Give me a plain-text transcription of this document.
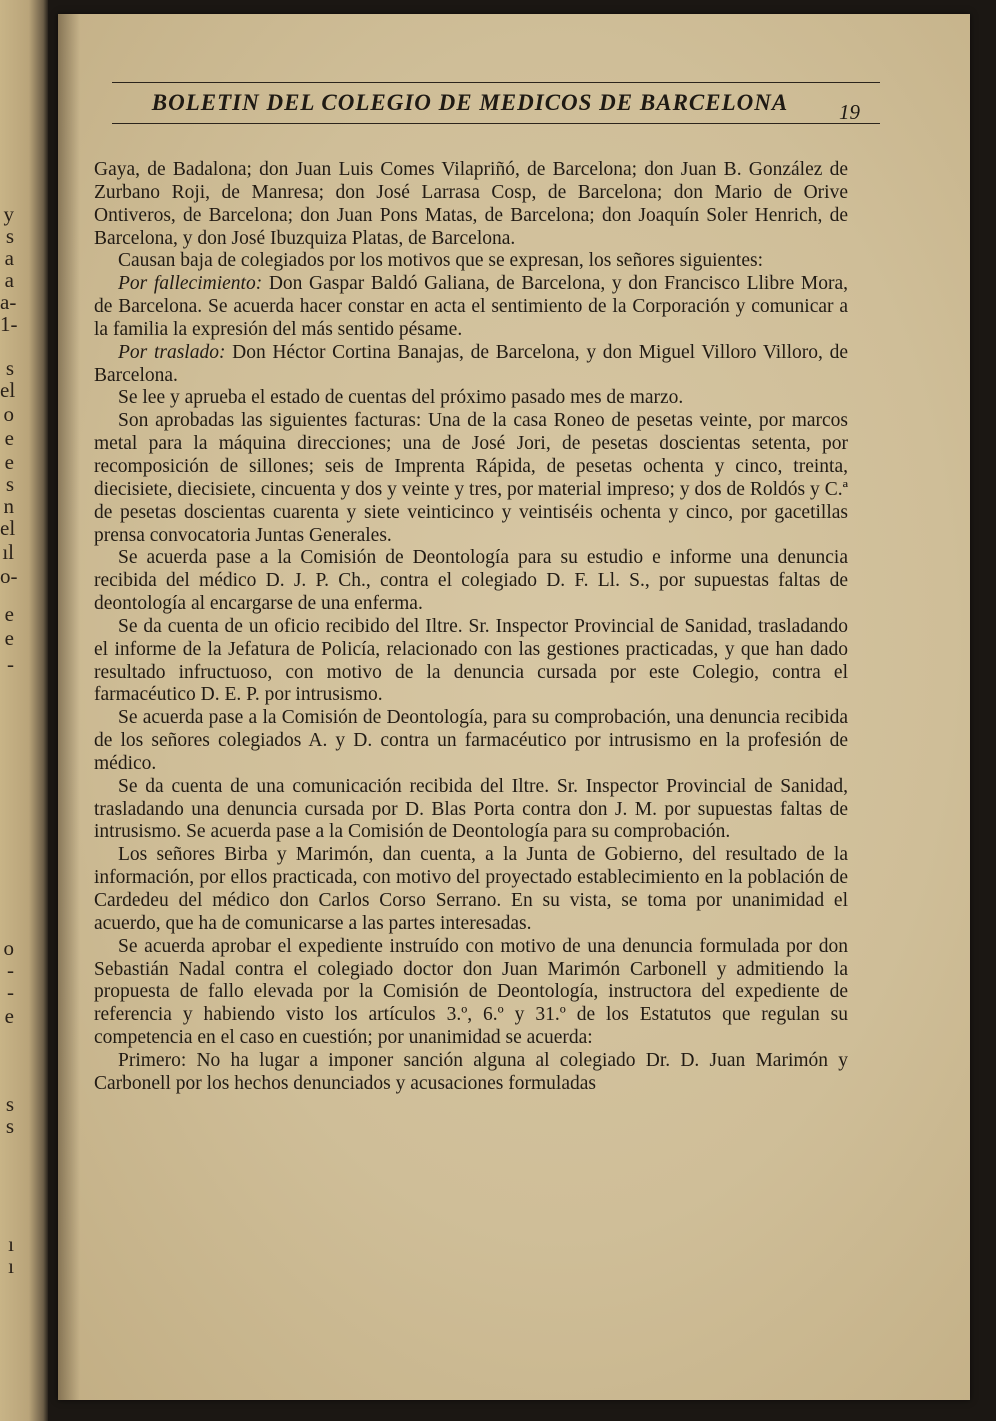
y
s
a
a
a-
1-
s
el
o
e
e
s
n
el
ıl
o-
e
e
-
o
-
-
e
s
s
ı
ı
BOLETIN DEL COLEGIO DE MEDICOS DE BARCELONA	19

Gaya, de Badalona; don Juan Luis Comes Vilapriñó, de Barcelona; don Juan B. González de Zurbano Roji, de Manresa; don José Larrasa Cosp, de Barcelona; don Mario de Orive Ontiveros, de Barcelona; don Juan Pons Matas, de Barcelona; don Joaquín Soler Henrich, de Barcelona, y don José Ibuzquiza Platas, de Barcelona.

Causan baja de colegiados por los motivos que se expresan, los señores siguientes:

Por fallecimiento: Don Gaspar Baldó Galiana, de Barcelona, y don Francisco Llibre Mora, de Barcelona. Se acuerda hacer constar en acta el sentimiento de la Corporación y comunicar a la familia la expresión del más sentido pésame.

Por traslado: Don Héctor Cortina Banajas, de Barcelona, y don Miguel Villoro Villoro, de Barcelona.

Se lee y aprueba el estado de cuentas del próximo pasado mes de marzo.

Son aprobadas las siguientes facturas: Una de la casa Roneo de pesetas veinte, por marcos metal para la máquina direcciones; una de José Jori, de pesetas doscientas setenta, por recomposición de sillones; seis de Imprenta Rápida, de pesetas ochenta y cinco, treinta, diecisiete, diecisiete, cincuenta y dos y veinte y tres, por material impreso; y dos de Roldós y C.ª de pesetas doscientas cuarenta y siete veinticinco y veintiséis ochenta y cinco, por gacetillas prensa convocatoria Juntas Generales.

Se acuerda pase a la Comisión de Deontología para su estudio e informe una denuncia recibida del médico D. J. P. Ch., contra el colegiado D. F. Ll. S., por supuestas faltas de deontología al encargarse de una enferma.

Se da cuenta de un oficio recibido del Iltre. Sr. Inspector Provincial de Sanidad, trasladando el informe de la Jefatura de Policía, relacionado con las gestiones practicadas, y que han dado resultado infructuoso, con motivo de la denuncia cursada por este Colegio, contra el farmacéutico D. E. P. por intrusismo.

Se acuerda pase a la Comisión de Deontología, para su comprobación, una denuncia recibida de los señores colegiados A. y D. contra un farmacéutico por intrusismo en la profesión de médico.

Se da cuenta de una comunicación recibida del Iltre. Sr. Inspector Provincial de Sanidad, trasladando una denuncia cursada por D. Blas Porta contra don J. M. por supuestas faltas de intrusismo. Se acuerda pase a la Comisión de Deontología para su comprobación.

Los señores Birba y Marimón, dan cuenta, a la Junta de Gobierno, del resultado de la información, por ellos practicada, con motivo del proyectado establecimiento en la población de Cardedeu del médico don Carlos Corso Serrano. En su vista, se toma por unanimidad el acuerdo, que ha de comunicarse a las partes interesadas.

Se acuerda aprobar el expediente instruído con motivo de una denuncia formulada por don Sebastián Nadal contra el colegiado doctor don Juan Marimón Carbonell y admitiendo la propuesta de fallo elevada por la Comisión de Deontología, instructora del expediente de referencia y habiendo visto los artículos 3.º, 6.º y 31.º de los Estatutos que regulan su competencia en el caso en cuestión; por unanimidad se acuerda:

Primero: No ha lugar a imponer sanción alguna al colegiado Dr. D. Juan Marimón y Carbonell por los hechos denunciados y acusaciones formuladas
